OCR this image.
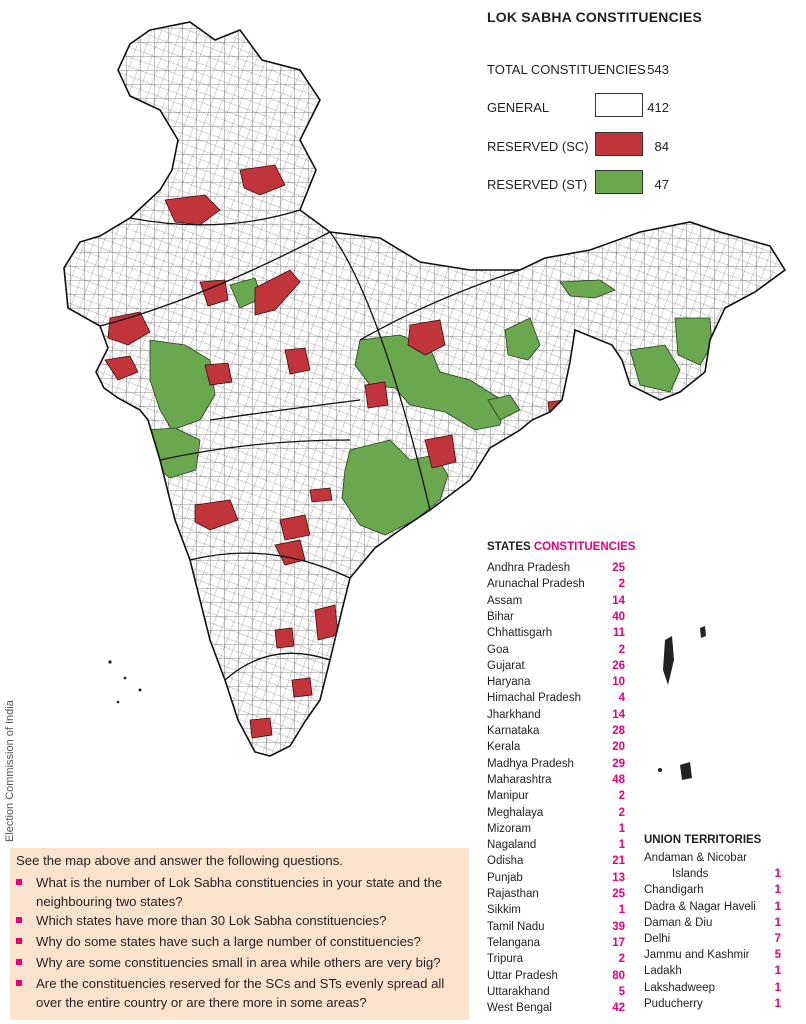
LOK SABHA CONSTITUENCIES
TOTAL CONSTITUENCIES 543
GENERAL	412
RESERVED (SC)	84
RESERVED (ST)	47
Election Commission of India
STATES CONSTITUENCIES
Andhra Pradesh	25
Arunachal Pradesh	2
Assam	14
Bihar	40
Chhattisgarh	11
Goa	2
Gujarat	26
Haryana	10
Himachal Pradesh	4
Jharkhand	14
Karnataka	28
Kerala	20
Madhya Pradesh	29
Maharashtra	48
Manipur	2
Meghalaya	2
Mizoram	1
Nagaland	1
Odisha	21
Punjab	13
Rajasthan	25
Sikkim	1
Tamil Nadu	39
Telangana	17
Tripura	2
Uttar Pradesh	80
Uttarakhand	5
West Bengal	42
UNION TERRITORIES
Andaman & Nicobar
Islands	1
Chandigarh	1
Dadra & Nagar Haveli	1
Daman & Diu	1
Delhi	7
Jammu and Kashmir	5
Ladakh	1
Lakshadweep	1
Puducherry	1
See the map above and answer the following questions.
What is the number of Lok Sabha constituencies in your state and the neighbouring two states?
Which states have more than 30 Lok Sabha constituencies?
Why do some states have such a large number of constituencies?
Why are some constituencies small in area while others are very big?
Are the constituencies reserved for the SCs and STs evenly spread all over the entire country or are there more in some areas?
